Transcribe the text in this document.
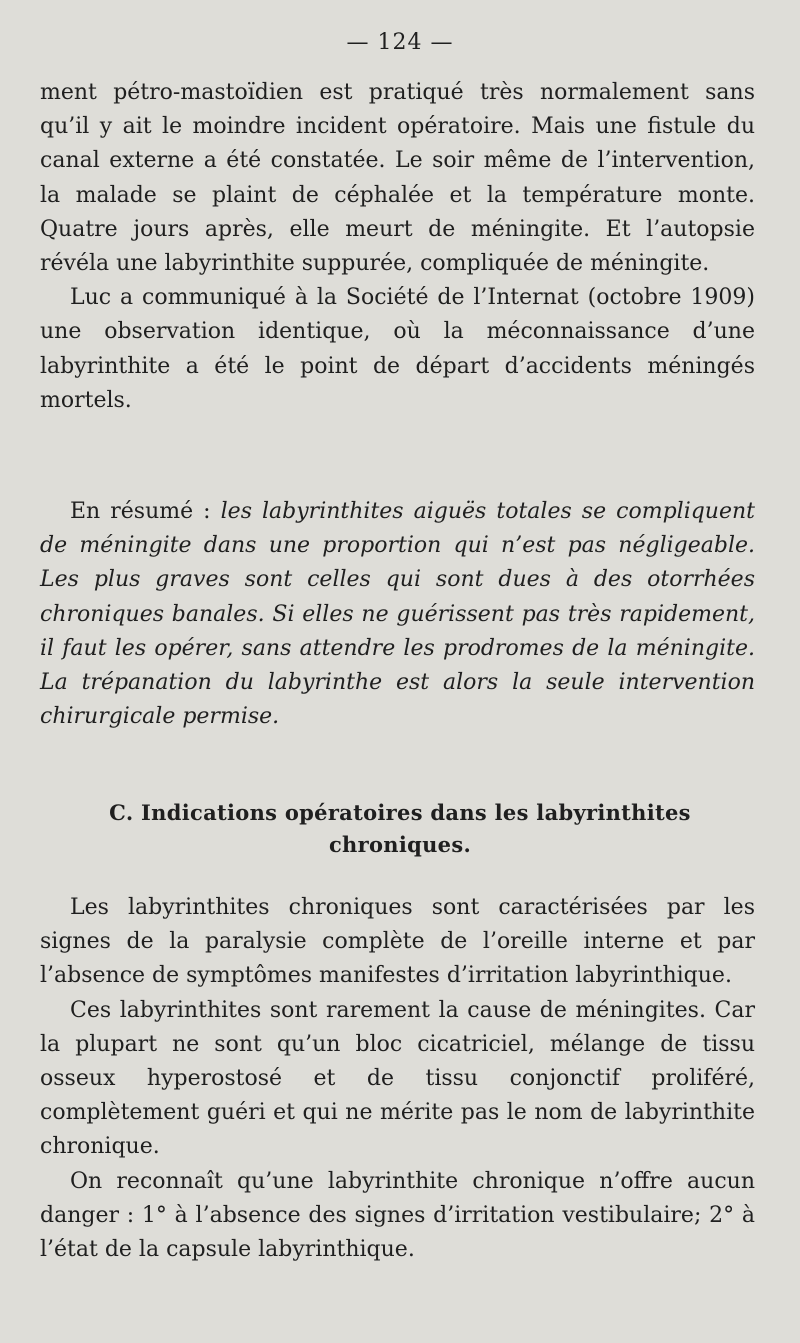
— 124 —

ment pétro-mastoïdien est pratiqué très normalement sans qu’il y ait le moindre incident opératoire. Mais une fistule du canal externe a été constatée. Le soir même de l’intervention, la malade se plaint de céphalée et la température monte. Quatre jours après, elle meurt de méningite. Et l’autopsie révéla une labyrinthite suppurée, compliquée de méningite.

Luc a communiqué à la Société de l’Internat (octobre 1909) une observation identique, où la méconnaissance d’une labyrinthite a été le point de départ d’accidents méningés mortels.

En résumé : les labyrinthites aiguës totales se compliquent de méningite dans une proportion qui n’est pas négligeable. Les plus graves sont celles qui sont dues à des otorrhées chroniques banales. Si elles ne guérissent pas très rapidement, il faut les opérer, sans attendre les prodromes de la méningite. La trépanation du labyrinthe est alors la seule intervention chirurgicale permise.

C. Indications opératoires dans les labyrinthites chroniques.

Les labyrinthites chroniques sont caractérisées par les signes de la paralysie complète de l’oreille interne et par l’absence de symptômes manifestes d’irritation labyrinthique.

Ces labyrinthites sont rarement la cause de méningites. Car la plupart ne sont qu’un bloc cicatriciel, mélange de tissu osseux hyperostosé et de tissu conjonctif proliféré, complètement guéri et qui ne mérite pas le nom de labyrinthite chronique.

On reconnaît qu’une labyrinthite chronique n’offre aucun danger : 1° à l’absence des signes d’irritation vestibulaire; 2° à l’état de la capsule labyrinthique.
